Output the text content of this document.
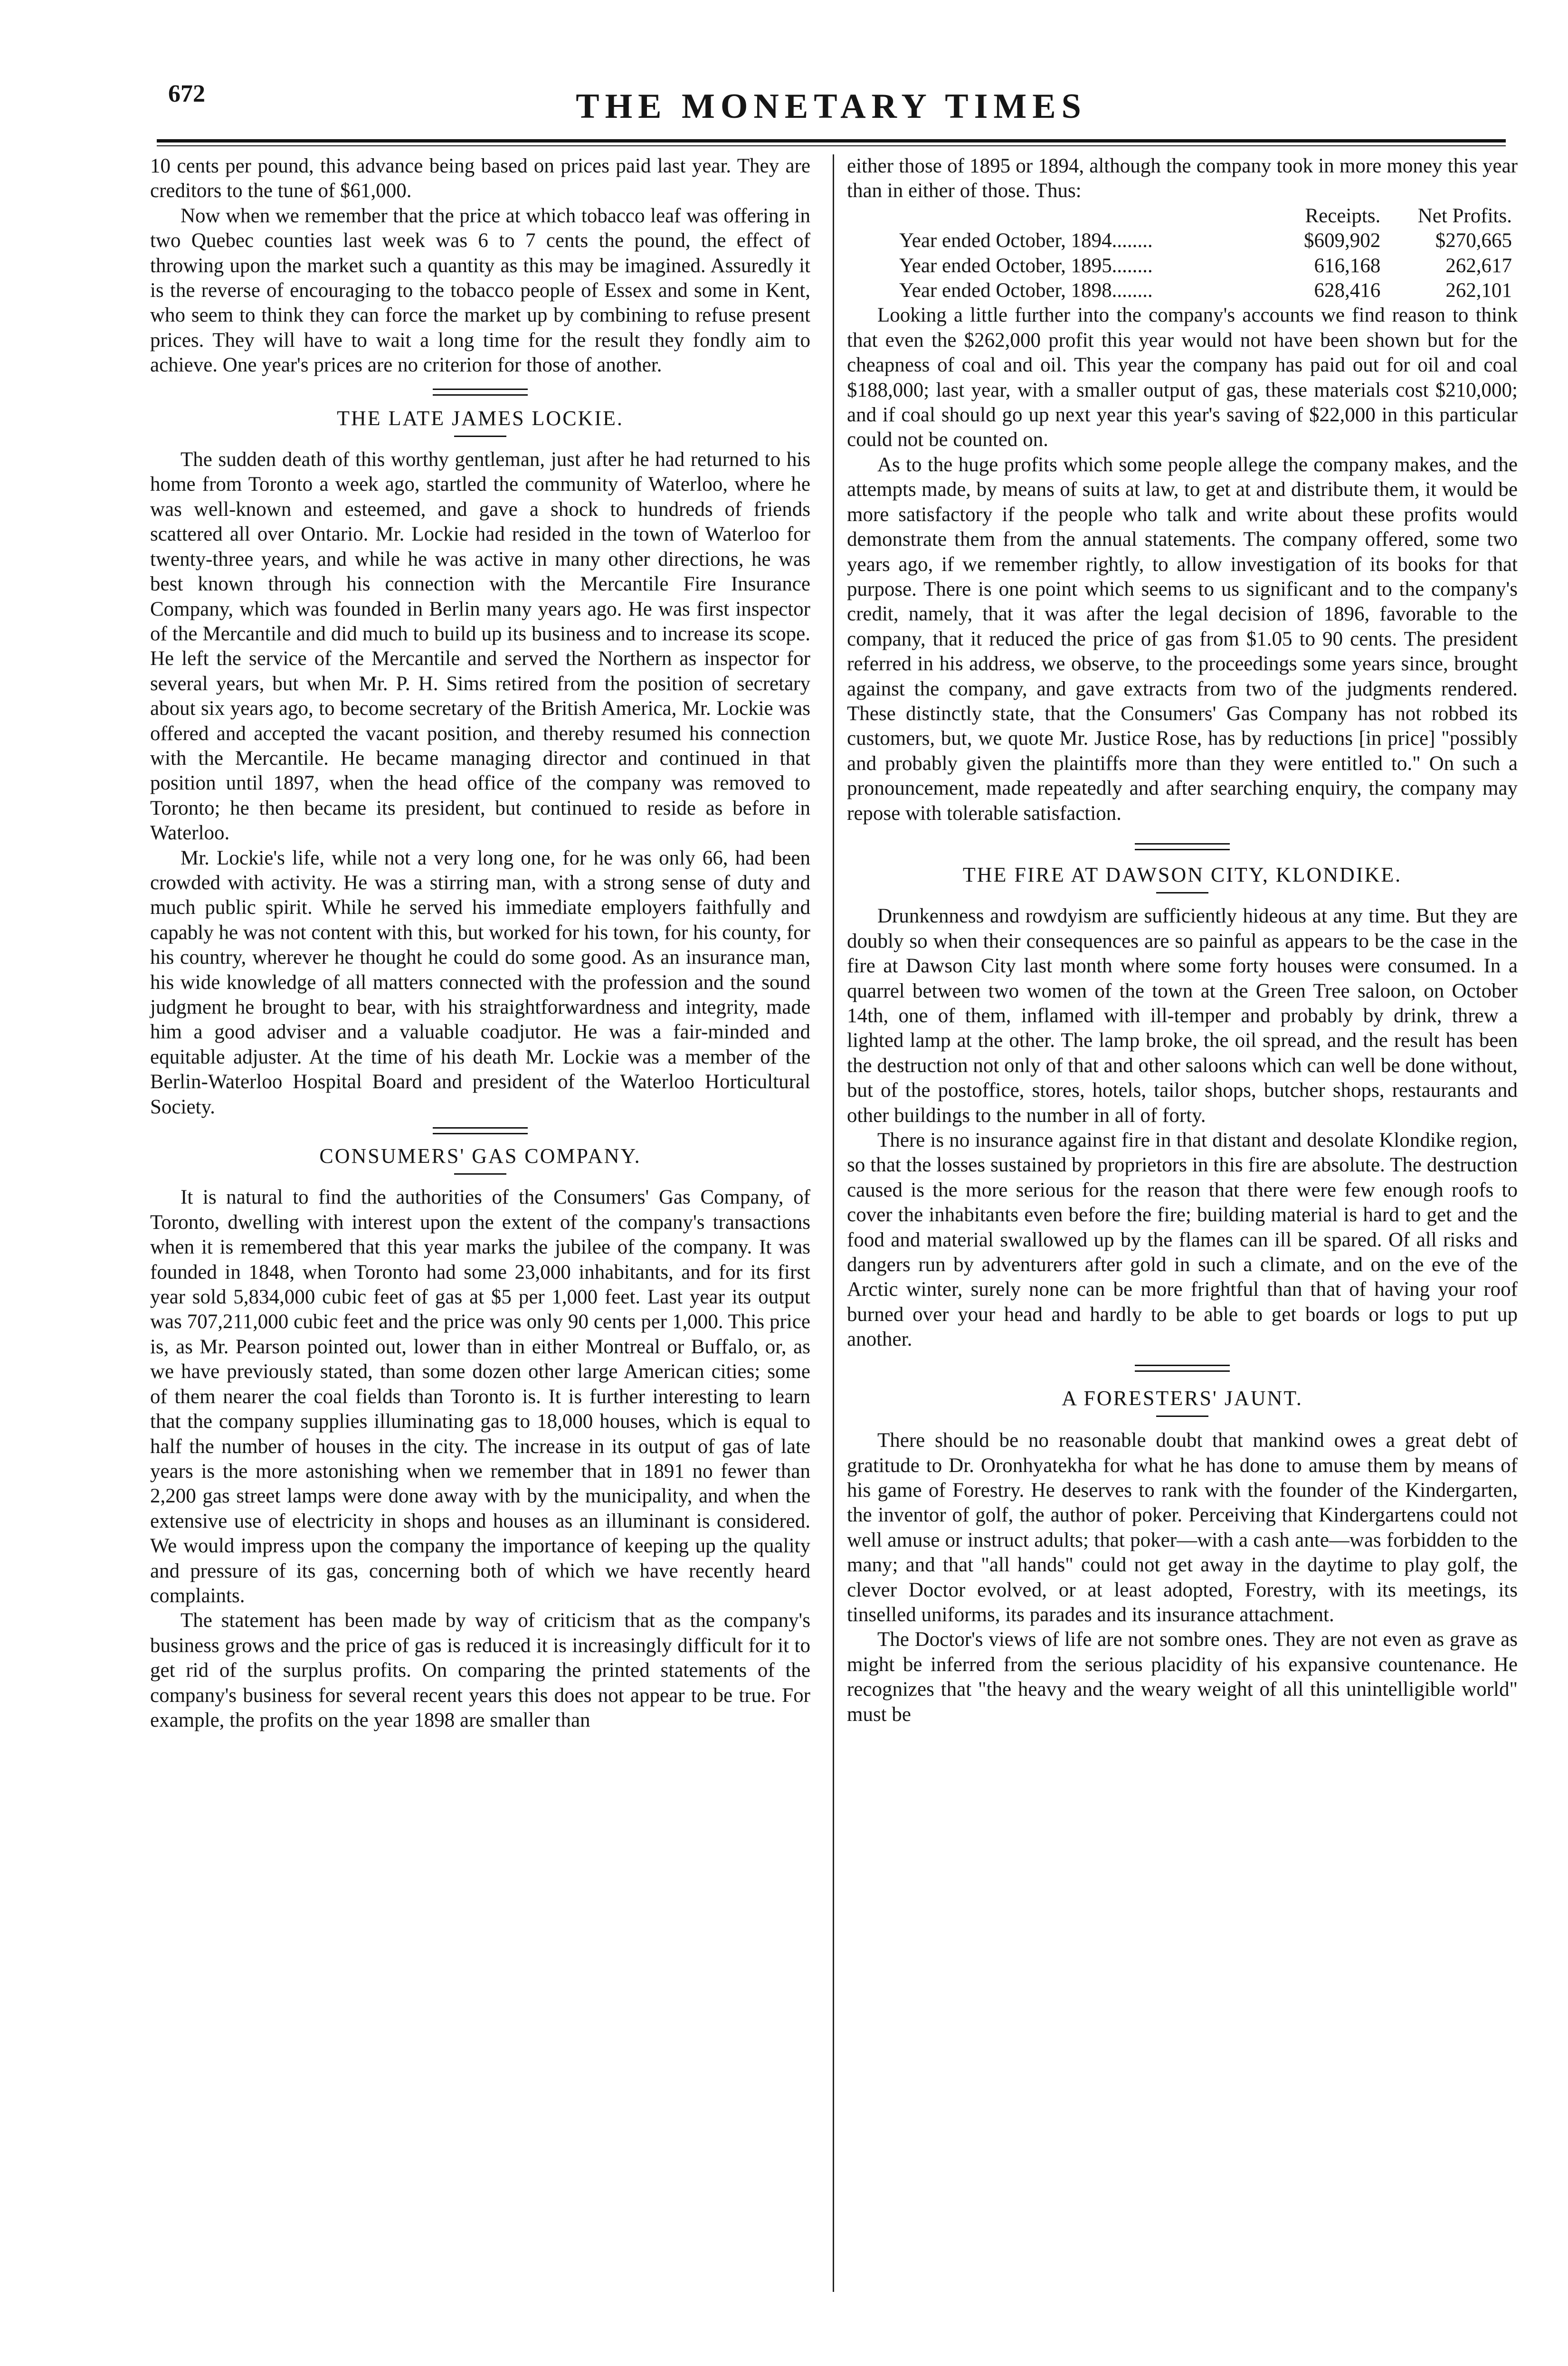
672	THE MONETARY TIMES

10 cents per pound, this advance being based on prices paid last year. They are creditors to the tune of $61,000.

Now when we remember that the price at which tobacco leaf was offering in two Quebec counties last week was 6 to 7 cents the pound, the effect of throwing upon the market such a quantity as this may be imagined. Assuredly it is the reverse of encouraging to the tobacco people of Essex and some in Kent, who seem to think they can force the market up by combining to refuse present prices. They will have to wait a long time for the result they fondly aim to achieve. One year's prices are no criterion for those of another.

THE LATE JAMES LOCKIE.

The sudden death of this worthy gentleman, just after he had returned to his home from Toronto a week ago, startled the community of Waterloo, where he was well-known and esteemed, and gave a shock to hundreds of friends scattered all over Ontario. Mr. Lockie had resided in the town of Waterloo for twenty-three years, and while he was active in many other directions, he was best known through his connection with the Mercantile Fire Insurance Company, which was founded in Berlin many years ago. He was first inspector of the Mercantile and did much to build up its business and to increase its scope. He left the service of the Mercantile and served the Northern as inspector for several years, but when Mr. P. H. Sims retired from the position of secretary about six years ago, to become secretary of the British America, Mr. Lockie was offered and accepted the vacant position, and thereby resumed his connection with the Mercantile. He became managing director and continued in that position until 1897, when the head office of the company was removed to Toronto; he then became its president, but continued to reside as before in Waterloo.

Mr. Lockie's life, while not a very long one, for he was only 66, had been crowded with activity. He was a stirring man, with a strong sense of duty and much public spirit. While he served his immediate employers faithfully and capably he was not content with this, but worked for his town, for his county, for his country, wherever he thought he could do some good. As an insurance man, his wide knowledge of all matters connected with the profession and the sound judgment he brought to bear, with his straightforwardness and integrity, made him a good adviser and a valuable coadjutor. He was a fair-minded and equitable adjuster. At the time of his death Mr. Lockie was a member of the Berlin-Waterloo Hospital Board and president of the Waterloo Horticultural Society.

CONSUMERS' GAS COMPANY.

It is natural to find the authorities of the Consumers' Gas Company, of Toronto, dwelling with interest upon the extent of the company's transactions when it is remembered that this year marks the jubilee of the company. It was founded in 1848, when Toronto had some 23,000 inhabitants, and for its first year sold 5,834,000 cubic feet of gas at $5 per 1,000 feet. Last year its output was 707,211,000 cubic feet and the price was only 90 cents per 1,000. This price is, as Mr. Pearson pointed out, lower than in either Montreal or Buffalo, or, as we have previously stated, than some dozen other large American cities; some of them nearer the coal fields than Toronto is. It is further interesting to learn that the company supplies illuminating gas to 18,000 houses, which is equal to half the number of houses in the city. The increase in its output of gas of late years is the more astonishing when we remember that in 1891 no fewer than 2,200 gas street lamps were done away with by the municipality, and when the extensive use of electricity in shops and houses as an illuminant is considered. We would impress upon the company the importance of keeping up the quality and pressure of its gas, concerning both of which we have recently heard complaints.

The statement has been made by way of criticism that as the company's business grows and the price of gas is reduced it is increasingly difficult for it to get rid of the surplus profits. On comparing the printed statements of the company's business for several recent years this does not appear to be true. For example, the profits on the year 1898 are smaller than

either those of 1895 or 1894, although the company took in more money this year than in either of those. Thus:

	Receipts.	Net Profits.
Year ended October, 1894........	$609,902	$270,665
Year ended October, 1895........	616,168	262,617
Year ended October, 1898........	628,416	262,101

Looking a little further into the company's accounts we find reason to think that even the $262,000 profit this year would not have been shown but for the cheapness of coal and oil. This year the company has paid out for oil and coal $188,000; last year, with a smaller output of gas, these materials cost $210,000; and if coal should go up next year this year's saving of $22,000 in this particular could not be counted on.

As to the huge profits which some people allege the company makes, and the attempts made, by means of suits at law, to get at and distribute them, it would be more satisfactory if the people who talk and write about these profits would demonstrate them from the annual statements. The company offered, some two years ago, if we remember rightly, to allow investigation of its books for that purpose. There is one point which seems to us significant and to the company's credit, namely, that it was after the legal decision of 1896, favorable to the company, that it reduced the price of gas from $1.05 to 90 cents. The president referred in his address, we observe, to the proceedings some years since, brought against the company, and gave extracts from two of the judgments rendered. These distinctly state, that the Consumers' Gas Company has not robbed its customers, but, we quote Mr. Justice Rose, has by reductions [in price] "possibly and probably given the plaintiffs more than they were entitled to." On such a pronouncement, made repeatedly and after searching enquiry, the company may repose with tolerable satisfaction.

THE FIRE AT DAWSON CITY, KLONDIKE.

Drunkenness and rowdyism are sufficiently hideous at any time. But they are doubly so when their consequences are so painful as appears to be the case in the fire at Dawson City last month where some forty houses were consumed. In a quarrel between two women of the town at the Green Tree saloon, on October 14th, one of them, inflamed with ill-temper and probably by drink, threw a lighted lamp at the other. The lamp broke, the oil spread, and the result has been the destruction not only of that and other saloons which can well be done without, but of the postoffice, stores, hotels, tailor shops, butcher shops, restaurants and other buildings to the number in all of forty.

There is no insurance against fire in that distant and desolate Klondike region, so that the losses sustained by proprietors in this fire are absolute. The destruction caused is the more serious for the reason that there were few enough roofs to cover the inhabitants even before the fire; building material is hard to get and the food and material swallowed up by the flames can ill be spared. Of all risks and dangers run by adventurers after gold in such a climate, and on the eve of the Arctic winter, surely none can be more frightful than that of having your roof burned over your head and hardly to be able to get boards or logs to put up another.

A FORESTERS' JAUNT.

There should be no reasonable doubt that mankind owes a great debt of gratitude to Dr. Oronhyatekha for what he has done to amuse them by means of his game of Forestry. He deserves to rank with the founder of the Kindergarten, the inventor of golf, the author of poker. Perceiving that Kindergartens could not well amuse or instruct adults; that poker—with a cash ante—was forbidden to the many; and that "all hands" could not get away in the daytime to play golf, the clever Doctor evolved, or at least adopted, Forestry, with its meetings, its tinselled uniforms, its parades and its insurance attachment.

The Doctor's views of life are not sombre ones. They are not even as grave as might be inferred from the serious placidity of his expansive countenance. He recognizes that "the heavy and the weary weight of all this unintelligible world" must be
